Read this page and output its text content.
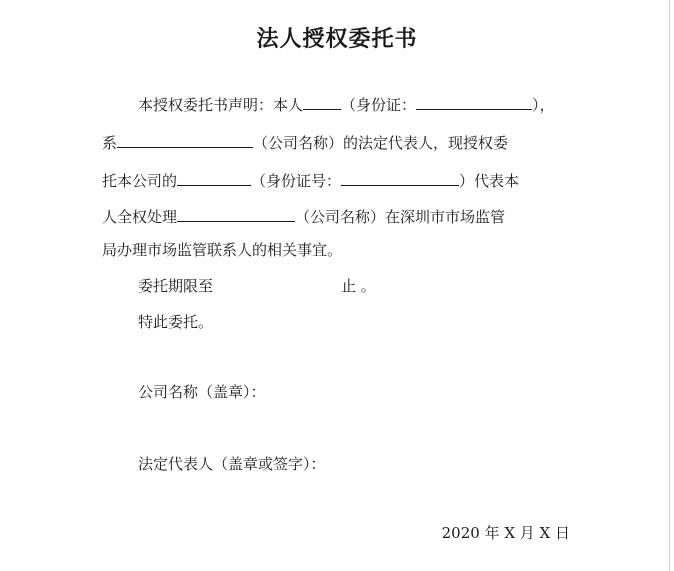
法人授权委托书
本授权委托书声明：本人	（身份证：	），
系	（公司名称）的法定代表人，现授权委
托本公司的	（身份证号：	）代表本
人全权处理	（公司名称）在深圳市市场监管
局办理市场监管联系人的相关事宜。
委托期限至	止 。
特此委托。
公司名称（盖章）：
法定代表人（盖章或签字）：
2020 年 X 月 X 日
